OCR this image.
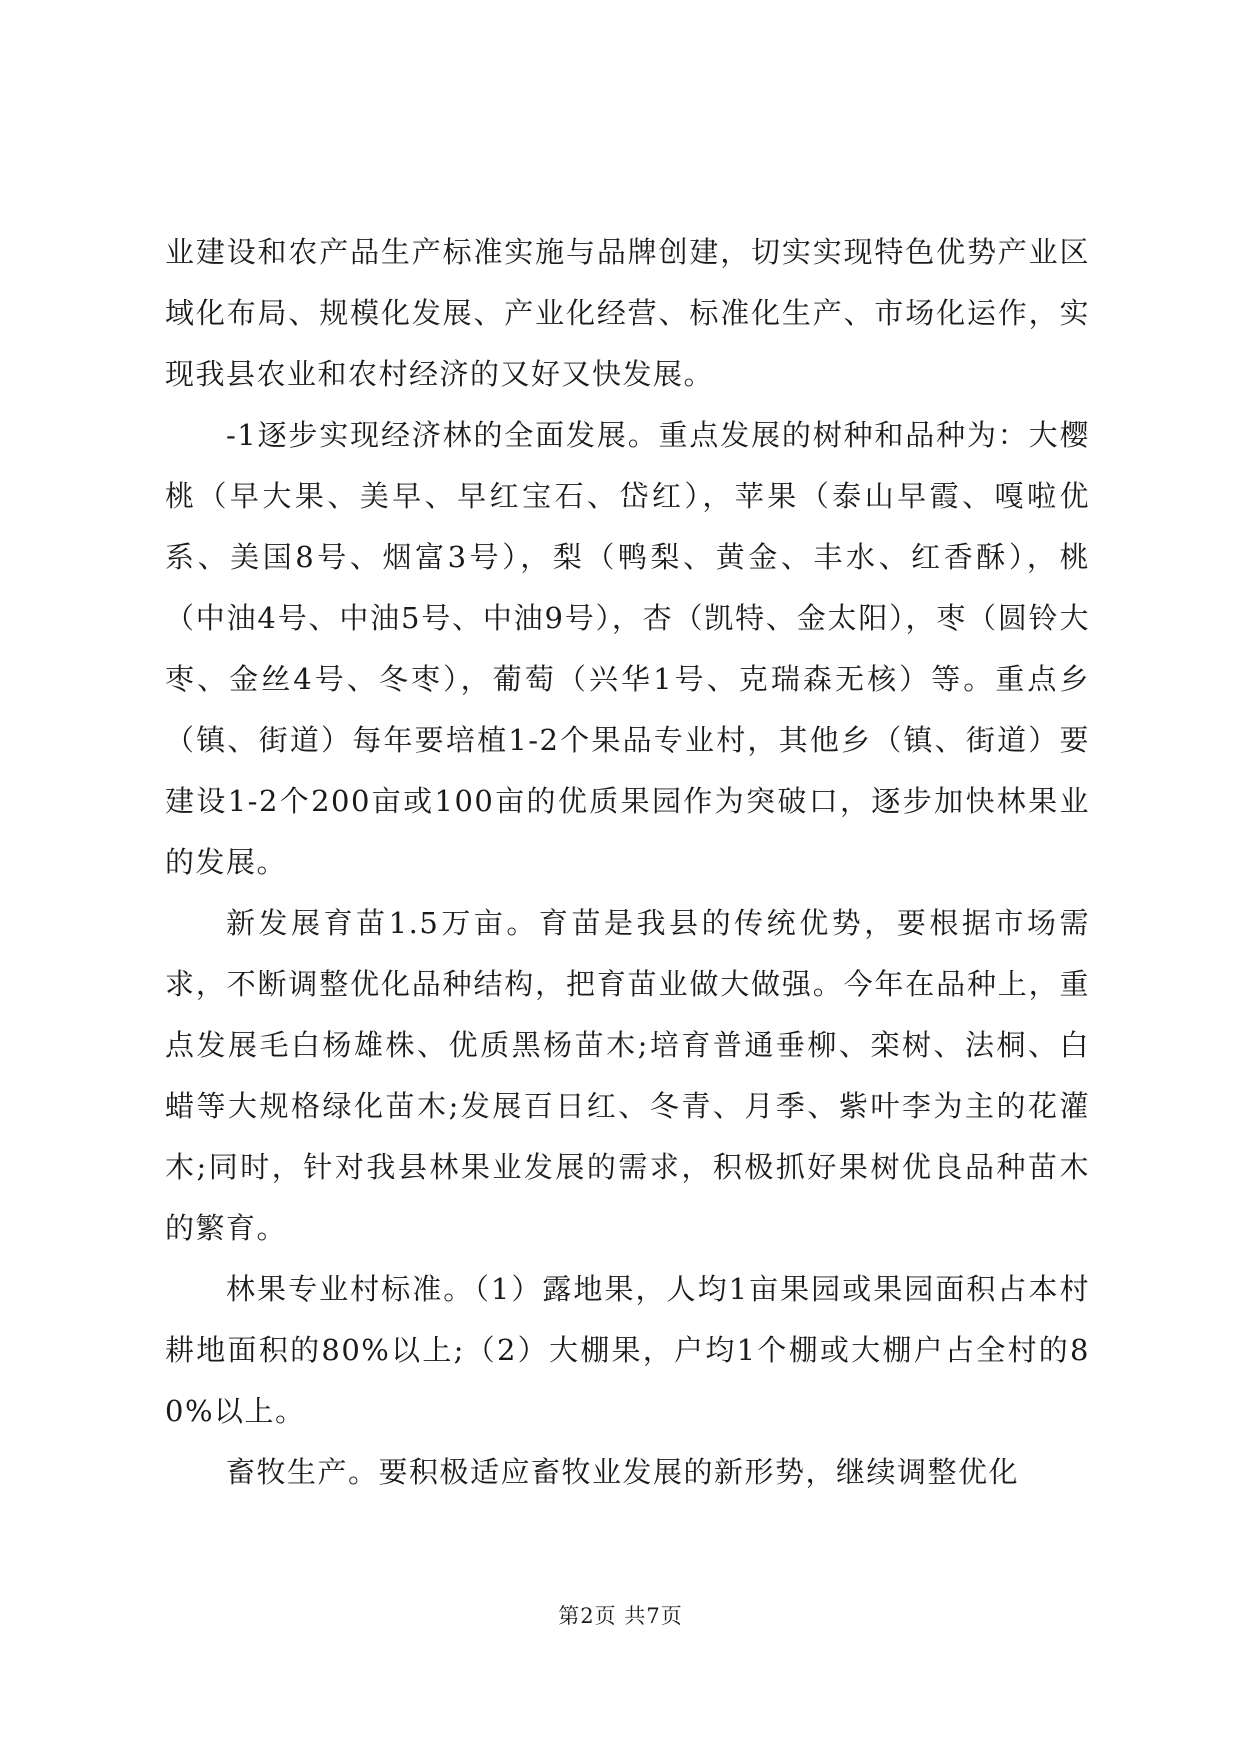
业建设和农产品生产标准实施与品牌创建，切实实现特色优势产业区域化布局、规模化发展、产业化经营、标准化生产、市场化运作，实现我县农业和农村经济的又好又快发展。

-1逐步实现经济林的全面发展。重点发展的树种和品种为：大樱桃（早大果、美早、早红宝石、岱红），苹果（泰山早霞、嘎啦优系、美国8号、烟富3号），梨（鸭梨、黄金、丰水、红香酥），桃（中油4号、中油5号、中油9号），杏（凯特、金太阳），枣（圆铃大枣、金丝4号、冬枣），葡萄（兴华1号、克瑞森无核）等。重点乡（镇、街道）每年要培植1-2个果品专业村，其他乡（镇、街道）要建设1-2个200亩或100亩的优质果园作为突破口，逐步加快林果业的发展。

新发展育苗1.5万亩。育苗是我县的传统优势，要根据市场需求，不断调整优化品种结构，把育苗业做大做强。今年在品种上，重点发展毛白杨雄株、优质黑杨苗木;培育普通垂柳、栾树、法桐、白蜡等大规格绿化苗木;发展百日红、冬青、月季、紫叶李为主的花灌木;同时，针对我县林果业发展的需求，积极抓好果树优良品种苗木的繁育。

林果专业村标准。（1）露地果，人均1亩果园或果园面积占本村耕地面积的80%以上;（2）大棚果，户均1个棚或大棚户占全村的80%以上。

畜牧生产。要积极适应畜牧业发展的新形势，继续调整优化

第2页 共7页
